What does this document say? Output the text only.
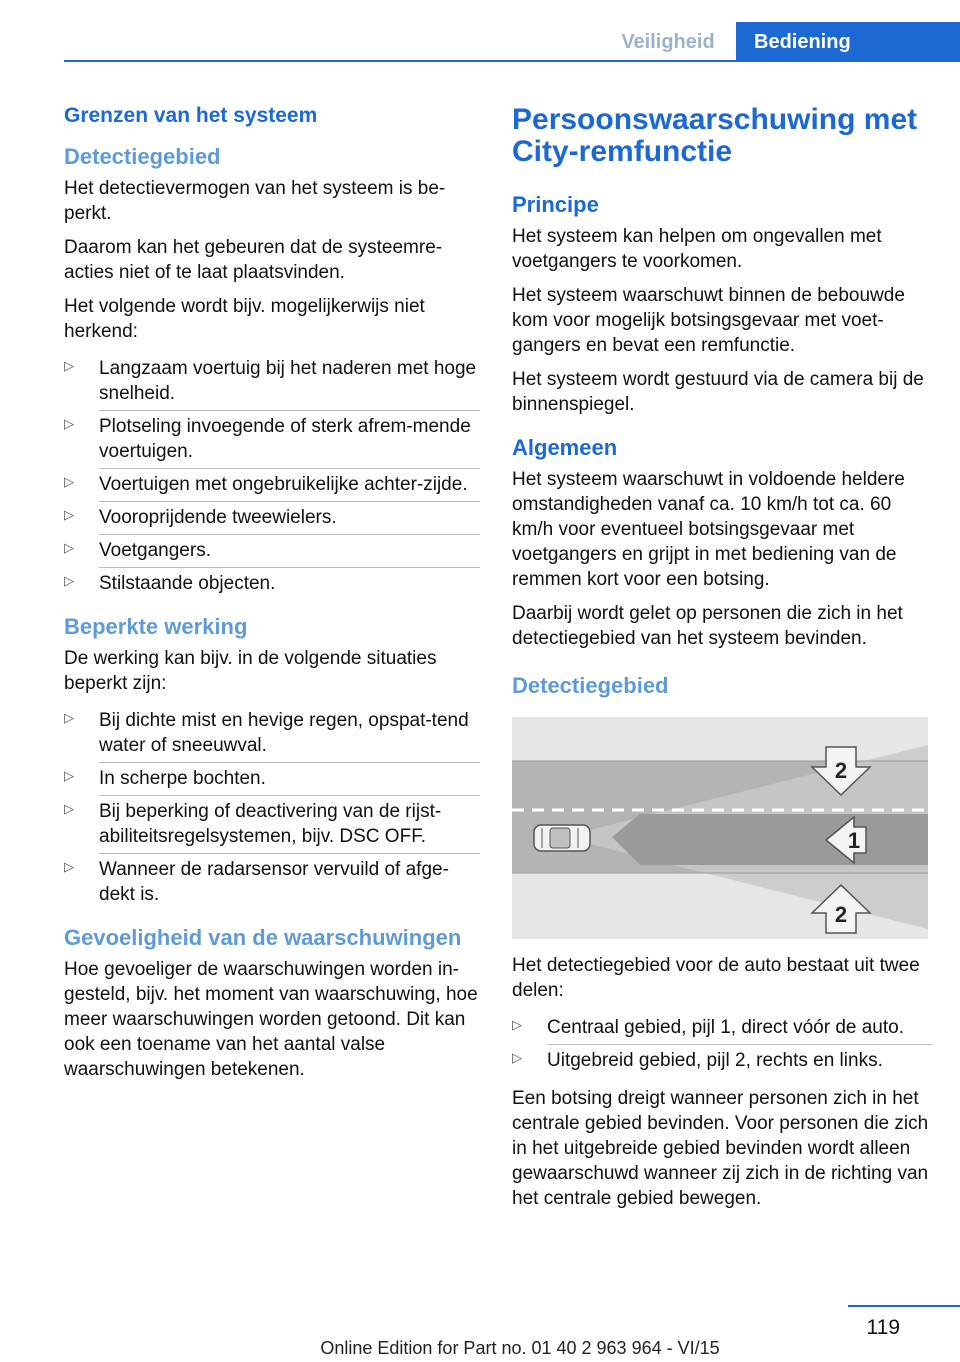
Veiligheid	Bediening
Grenzen van het systeem
Detectiegebied

Het detectievermogen van het systeem is be-perkt.

Daarom kan het gebeuren dat de systeemre-acties niet of te laat plaatsvinden.

Het volgende wordt bijv. mogelijkerwijs niet herkend:

▷ Langzaam voertuig bij het naderen met hoge snelheid.
▷ Plotseling invoegende of sterk afrem-mende voertuigen.
▷ Voertuigen met ongebruikelijke achter-zijde.
▷ Vooroprijdende tweewielers.
▷ Voetgangers.
▷ Stilstaande objecten.
Beperkte werking

De werking kan bijv. in de volgende situaties beperkt zijn:

▷ Bij dichte mist en hevige regen, opspat-tend water of sneeuwval.
▷ In scherpe bochten.
▷ Bij beperking of deactivering van de rijst-abiliteitsregelsystemen, bijv. DSC OFF.
▷ Wanneer de radarsensor vervuild of afge-dekt is.
Gevoeligheid van de waarschuwingen

Hoe gevoeliger de waarschuwingen worden in-gesteld, bijv. het moment van waarschuwing, hoe meer waarschuwingen worden getoond. Dit kan ook een toename van het aantal valse waarschuwingen betekenen.

Persoonswaarschuwing met City-remfunctie
Principe

Het systeem kan helpen om ongevallen met voetgangers te voorkomen.

Het systeem waarschuwt binnen de bebouwde kom voor mogelijk botsingsgevaar met voet-gangers en bevat een remfunctie.

Het systeem wordt gestuurd via de camera bij de binnenspiegel.

Algemeen

Het systeem waarschuwt in voldoende heldere omstandigheden vanaf ca. 10 km/h tot ca. 60 km/h voor eventueel botsingsgevaar met voetgangers en grijpt in met bediening van de remmen kort voor een botsing.

Daarbij wordt gelet op personen die zich in het detectiegebied van het systeem bevinden.

Detectiegebied
2
1
2

Het detectiegebied voor de auto bestaat uit twee delen:

▷ Centraal gebied, pijl 1, direct vóór de auto.
▷ Uitgebreid gebied, pijl 2, rechts en links.

Een botsing dreigt wanneer personen zich in het centrale gebied bevinden. Voor personen die zich in het uitgebreide gebied bevinden wordt alleen gewaarschuwd wanneer zij zich in de richting van het centrale gebied bewegen.

119
Online Edition for Part no. 01 40 2 963 964 - VI/15
